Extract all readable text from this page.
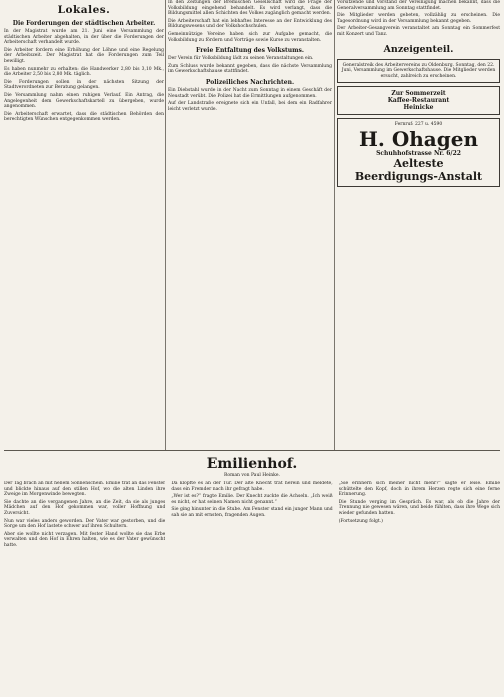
Lokales.
Die Forderungen der städtischen Arbeiter.

In der Magistrat wurde am 21. Juni eine Versammlung der städtischen Arbeiter abgehalten, in der über die Forderungen der Arbeiterschaft verhandelt wurde.

Die Arbeiter fordern eine Erhöhung der Löhne und eine Regelung der Arbeitszeit. Der Magistrat hat die Forderungen zum Teil bewilligt.

Es haben nunmehr zu erhalten: die Handwerker 2,80 bis 3,10 Mk., die Arbeiter 2,50 bis 2,80 Mk. täglich.

Die Forderungen sollen in der nächsten Sitzung der Stadtverordneten zur Beratung gelangen.

Die Versammlung nahm einen ruhigen Verlauf. Ein Antrag, die Angelegenheit dem Gewerkschaftskartell zu übergeben, wurde angenommen.

Die Arbeiterschaft erwartet, dass die städtischen Behörden den berechtigten Wünschen entgegenkommen werden.

In den Zeitungen der Bremischen Gesellschaft wird die Frage der Volksbildung eingehend behandelt. Es wird verlangt, dass die Bildungsmittel allen Schichten des Volkes zugänglich gemacht werden.

Die Arbeiterschaft hat ein lebhaftes Interesse an der Entwicklung des Bildungswesens und der Volkshochschulen.

Gemeinnützige Vereine haben sich zur Aufgabe gemacht, die Volksbildung zu fördern und Vorträge sowie Kurse zu veranstalten.

Freie Entfaltung des Volkstums.

Der Verein für Volksbildung lädt zu seinen Veranstaltungen ein.

Zum Schluss wurde bekannt gegeben, dass die nächste Versammlung im Gewerkschaftshause stattfindet.

Polizeiliches Nachrichten.

Ein Diebstahl wurde in der Nacht zum Sonntag in einem Geschäft der Neustadt verübt. Die Polizei hat die Ermittlungen aufgenommen.

Auf der Landstraße ereignete sich ein Unfall, bei dem ein Radfahrer leicht verletzt wurde.

Vorsitzende und Vorstand der Vereinigung machen bekannt, dass die Generalversammlung am Sonntag stattfindet.

Die Mitglieder werden gebeten, vollzählig zu erscheinen. Die Tagesordnung wird in der Versammlung bekannt gegeben.

Der Arbeiter-Gesangverein veranstaltet am Sonntag ein Sommerfest mit Konzert und Tanz.

Anzeigenteil.
Generalstreik des Arbeitervereins zu Oldenburg. Sonntag, den 22. Juni, Versammlung im Gewerkschaftshause. Die Mitglieder werden ersucht, zahlreich zu erscheinen.
Zur Sommerzeit
Kaffee-Restaurant
Heinicke
Fernruf: 227 u. 4590
H. Ohagen
Schuhhofstrasse Nr. 6/22
Aelteste
Beerdigungs-Anstalt
Emilienhof.
Roman von Paul Heinke.

Der Tag brach an mit hellem Sonnenschein. Emilie trat an das Fenster und blickte hinaus auf den stillen Hof, wo die alten Linden ihre Zweige im Morgenwinde bewegten.

Sie dachte an die vergangenen Jahre, an die Zeit, da sie als junges Mädchen auf den Hof gekommen war, voller Hoffnung und Zuversicht.

Nun war vieles anders geworden. Der Vater war gestorben, und die Sorge um den Hof lastete schwer auf ihren Schultern.

Aber sie wollte nicht verzagen. Mit fester Hand wollte sie das Erbe verwalten und den Hof in Ehren halten, wie es der Vater gewünscht hatte.

Da klopfte es an der Tür. Der alte Knecht trat herein und meldete, dass ein Fremder nach ihr gefragt habe.

„Wer ist es?“ fragte Emilie. Der Knecht zuckte die Achseln. „Ich weiß es nicht, er hat seinen Namen nicht genannt.“

Sie ging hinunter in die Stube. Am Fenster stand ein junger Mann und sah sie an mit ernsten, fragenden Augen.

„Sie erinnern sich meiner nicht mehr?“ sagte er leise. Emilie schüttelte den Kopf, doch in ihrem Herzen regte sich eine ferne Erinnerung.

Die Stunde verging im Gespräch. Es war, als ob die Jahre der Trennung nie gewesen wären, und beide fühlten, dass ihre Wege sich wieder gefunden hatten.

(Fortsetzung folgt.)
